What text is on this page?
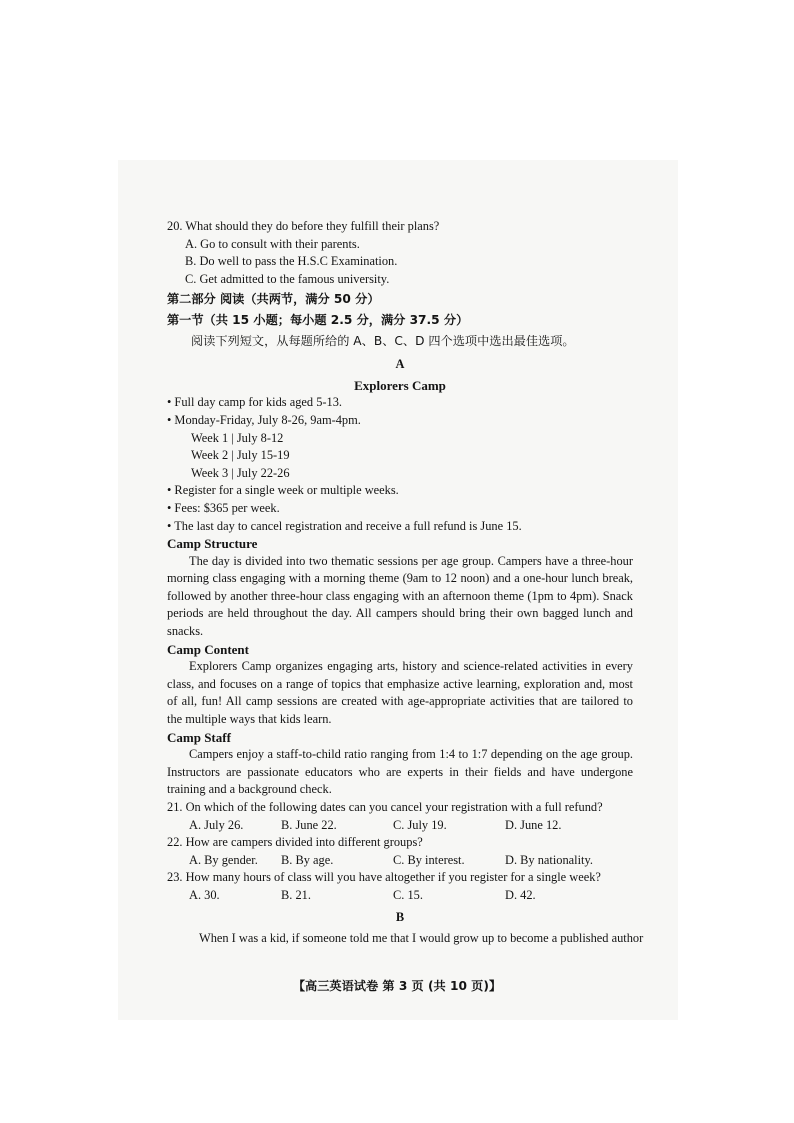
20. What should they do before they fulfill their plans?
A. Go to consult with their parents.
B. Do well to pass the H.S.C Examination.
C. Get admitted to the famous university.
第二部分 阅读（共两节，满分 50 分）
第一节（共 15 小题；每小题 2.5 分，满分 37.5 分）
阅读下列短文，从每题所给的 A、B、C、D 四个选项中选出最佳选项。
A
Explorers Camp
• Full day camp for kids aged 5-13.
• Monday-Friday, July 8-26, 9am-4pm.
Week 1 | July 8-12
Week 2 | July 15-19
Week 3 | July 22-26
• Register for a single week or multiple weeks.
• Fees: $365 per week.
• The last day to cancel registration and receive a full refund is June 15.
Camp Structure

The day is divided into two thematic sessions per age group. Campers have a three-hour morning class engaging with a morning theme (9am to 12 noon) and a one-hour lunch break, followed by another three-hour class engaging with an afternoon theme (1pm to 4pm). Snack periods are held throughout the day. All campers should bring their own bagged lunch and snacks.

Camp Content

Explorers Camp organizes engaging arts, history and science-related activities in every class, and focuses on a range of topics that emphasize active learning, exploration and, most of all, fun! All camp sessions are created with age-appropriate activities that are tailored to the multiple ways that kids learn.

Camp Staff

Campers enjoy a staff-to-child ratio ranging from 1:4 to 1:7 depending on the age group. Instructors are passionate educators who are experts in their fields and have undergone training and a background check.

21. On which of the following dates can you cancel your registration with a full refund?
A. July 26.	B. June 22.	C. July 19.	D. June 12.
22. How are campers divided into different groups?
A. By gender.	B. By age.	C. By interest.	D. By nationality.
23. How many hours of class will you have altogether if you register for a single week?
A. 30.	B. 21.	C. 15.	D. 42.
B
When I was a kid, if someone told me that I would grow up to become a published author
【高三英语试卷 第 3 页 (共 10 页)】
